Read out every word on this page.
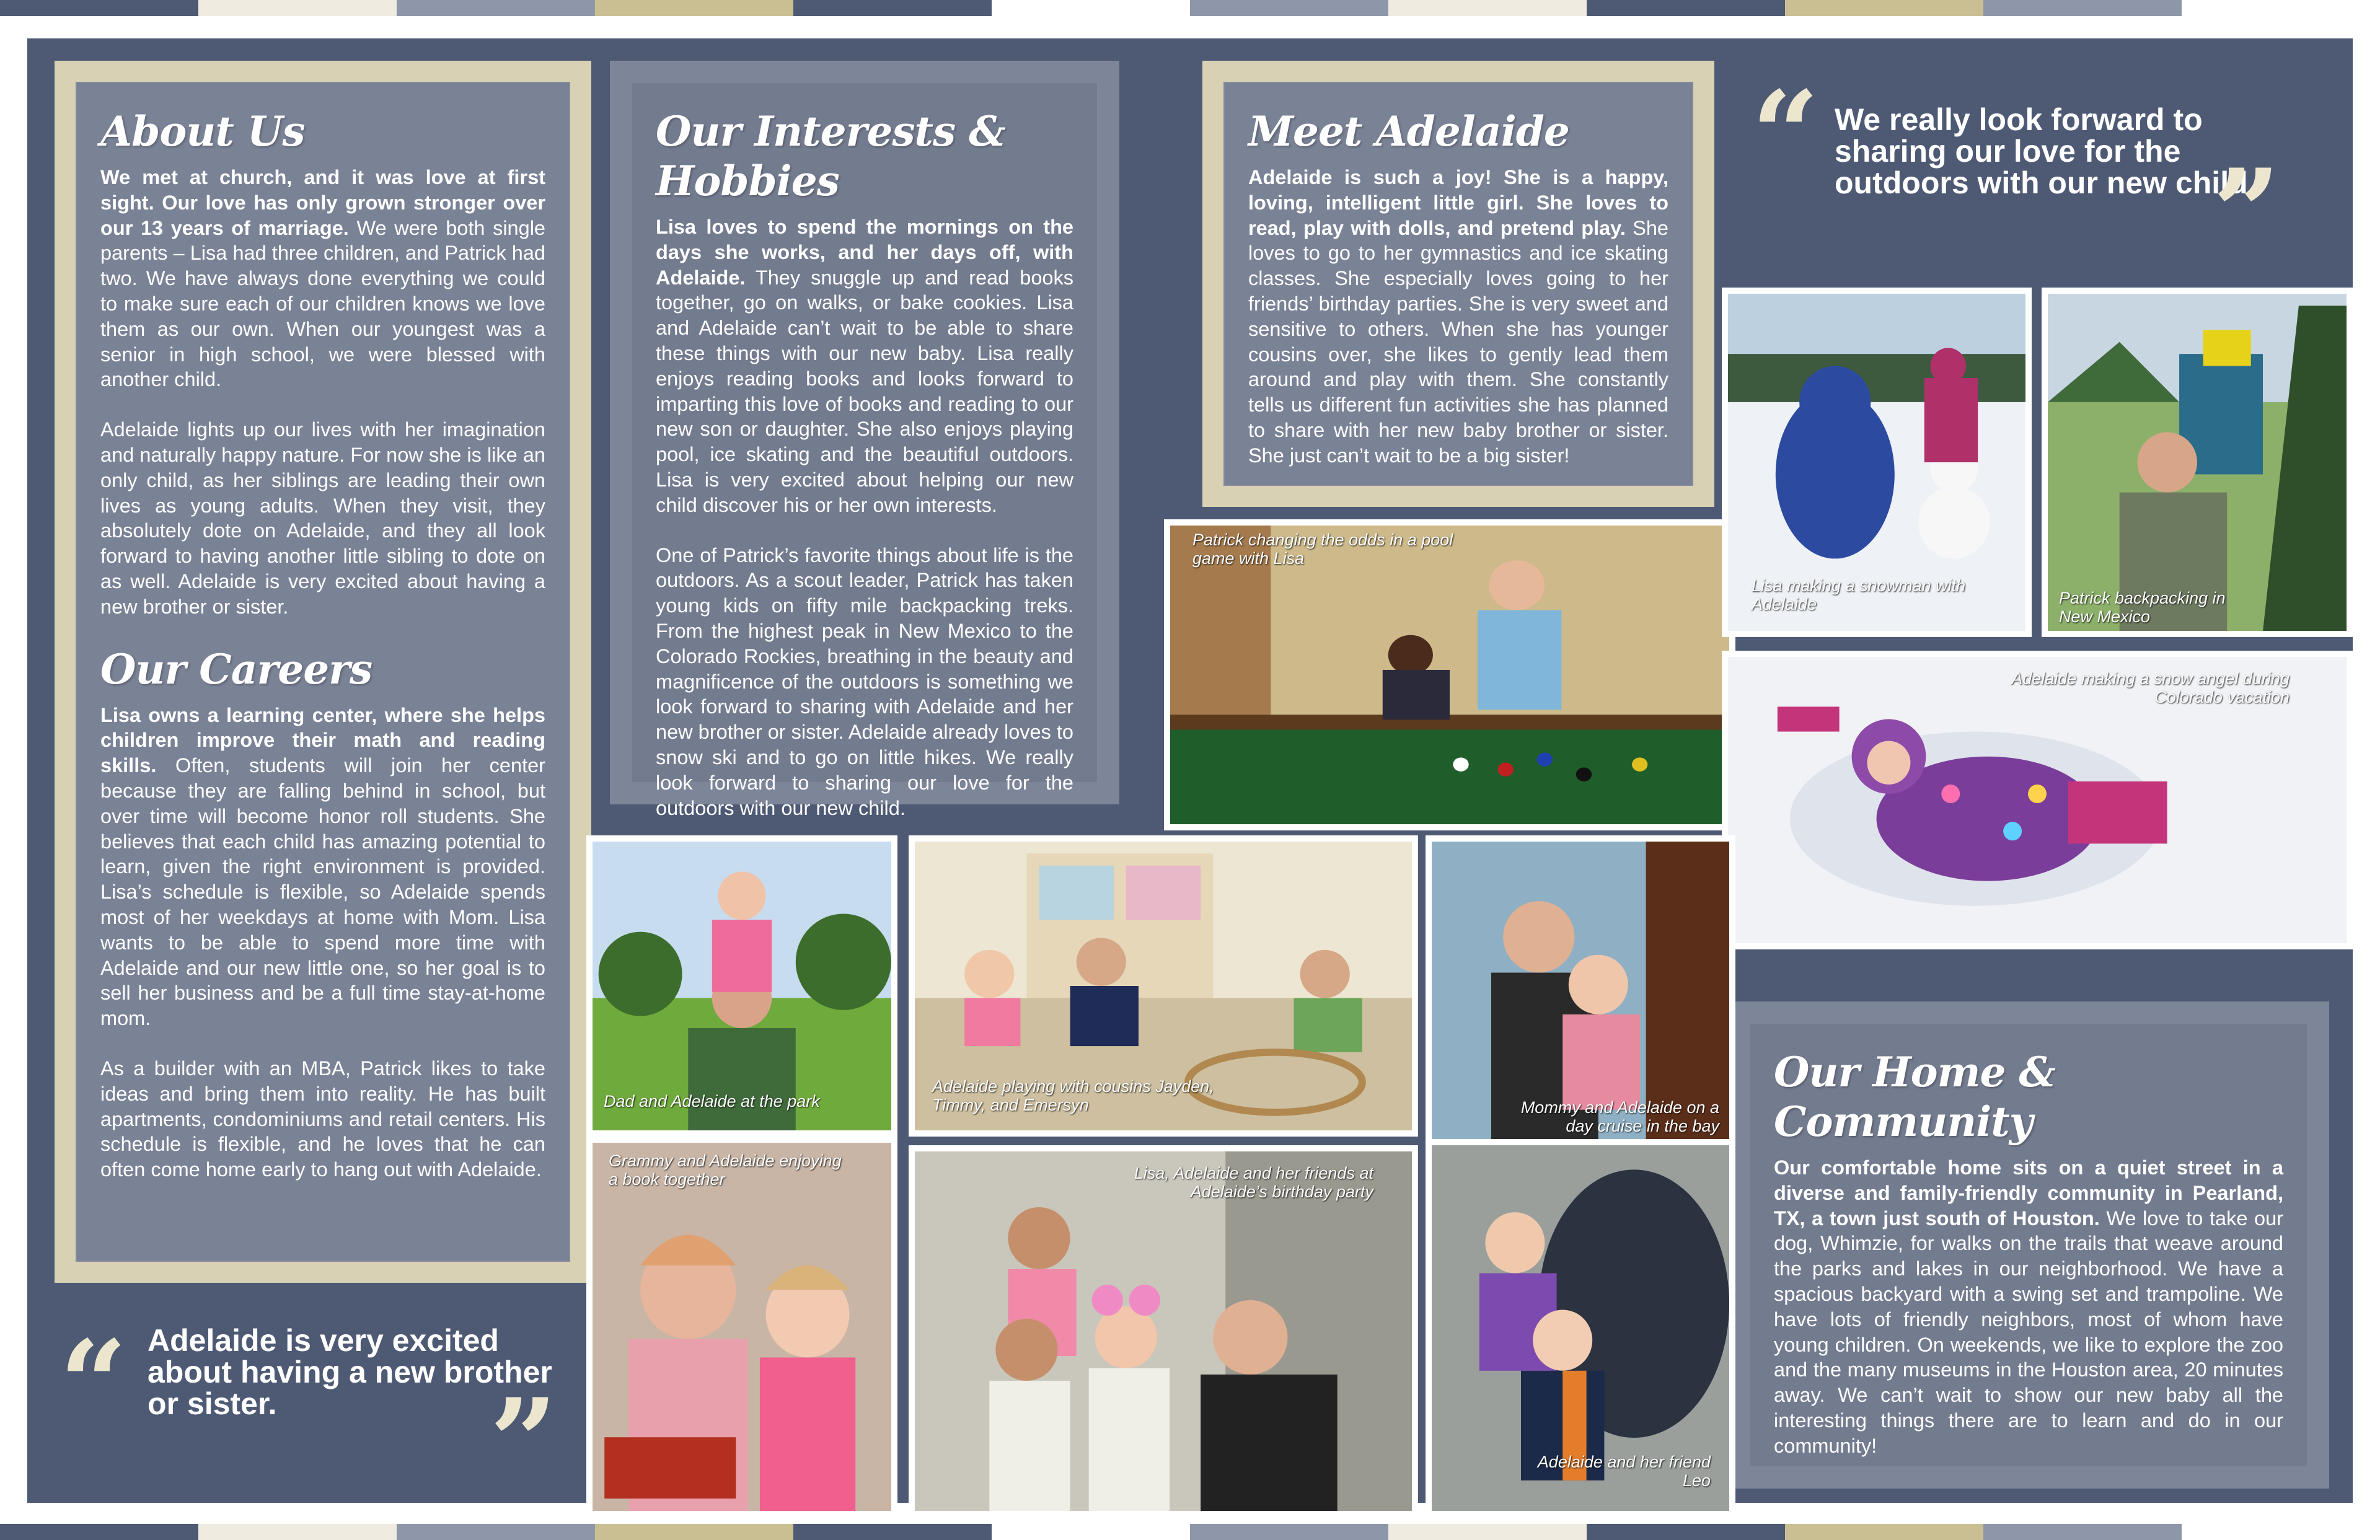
About Us

We met at church, and it was love at first sight. Our love has only grown stronger over our 13 years of marriage. We were both single parents – Lisa had three children, and Patrick had two. We have always done everything we could to make sure each of our children knows we love them as our own. When our youngest was a senior in high school, we were blessed with another child.

Adelaide lights up our lives with her imagination and naturally happy nature. For now she is like an only child, as her siblings are leading their own lives as young adults. When they visit, they absolutely dote on Adelaide, and they all look forward to having another little sibling to dote on as well. Adelaide is very excited about having a new brother or sister.

Our Careers

Lisa owns a learning center, where she helps children improve their math and reading skills. Often, students will join her center because they are falling behind in school, but over time will become honor roll students. She believes that each child has amazing potential to learn, given the right environment is provided. Lisa’s schedule is flexible, so Adelaide spends most of her weekdays at home with Mom. Lisa wants to be able to spend more time with Adelaide and our new little one, so her goal is to sell her business and be a full time stay-at-home mom.

As a builder with an MBA, Patrick likes to take ideas and bring them into reality. He has built apartments, condominiums and retail centers. His schedule is flexible, and he loves that he can often come home early to hang out with Adelaide.

Our Interests & Hobbies

Lisa loves to spend the mornings on the days she works, and her days off, with Adelaide. They snuggle up and read books together, go on walks, or bake cookies. Lisa and Adelaide can’t wait to be able to share these things with our new baby. Lisa really enjoys reading books and looks forward to imparting this love of books and reading to our new son or daughter. She also enjoys playing pool, ice skating and the beautiful outdoors. Lisa is very excited about helping our new child discover his or her own interests.

One of Patrick’s favorite things about life is the outdoors. As a scout leader, Patrick has taken young kids on fifty mile backpacking treks. From the highest peak in New Mexico to the Colorado Rockies, breathing in the beauty and magnificence of the outdoors is something we look forward to sharing with Adelaide and her new brother or sister. Adelaide already loves to snow ski and to go on little hikes. We really look forward to sharing our love for the outdoors with our new child.

Meet Adelaide

Adelaide is such a joy! She is a happy, loving, intelligent little girl. She loves to read, play with dolls, and pretend play. She loves to go to her gymnastics and ice skating classes. She especially loves going to her friends’ birthday parties. She is very sweet and sensitive to others. When she has younger cousins over, she likes to gently lead them around and play with them. She constantly tells us different fun activities she has planned to share with her new baby brother or sister. She just can’t wait to be a big sister!

“ We really look forward to sharing our love for the outdoors with our new child.
”
Our Home & Community

Our comfortable home sits on a quiet street in a diverse and family-friendly community in Pearland, TX, a town just south of Houston. We love to take our dog, Whimzie, for walks on the trails that weave around the parks and lakes in our neighborhood. We have a spacious backyard with a swing set and trampoline. We have lots of friendly neighbors, most of whom have young children. On weekends, we like to explore the zoo and the many museums in the Houston area, 20 minutes away. We can’t wait to show our new baby all the interesting things there are to learn and do in our community!

“ Adelaide is very excited about having a new brother or sister.	”
Patrick changing the odds in a pool game with Lisa
Lisa making a snowman with Adelaide	Patrick backpacking in New Mexico
Adelaide making a snow angel during Colorado vacation
Dad and Adelaide at the park
Adelaide playing with cousins Jayden, Timmy, and Emersyn	Mommy and Adelaide on a day cruise in the bay
Grammy and Adelaide enjoying a book together	Lisa, Adelaide and her friends at Adelaide’s birthday party
Adelaide and her friend Leo
